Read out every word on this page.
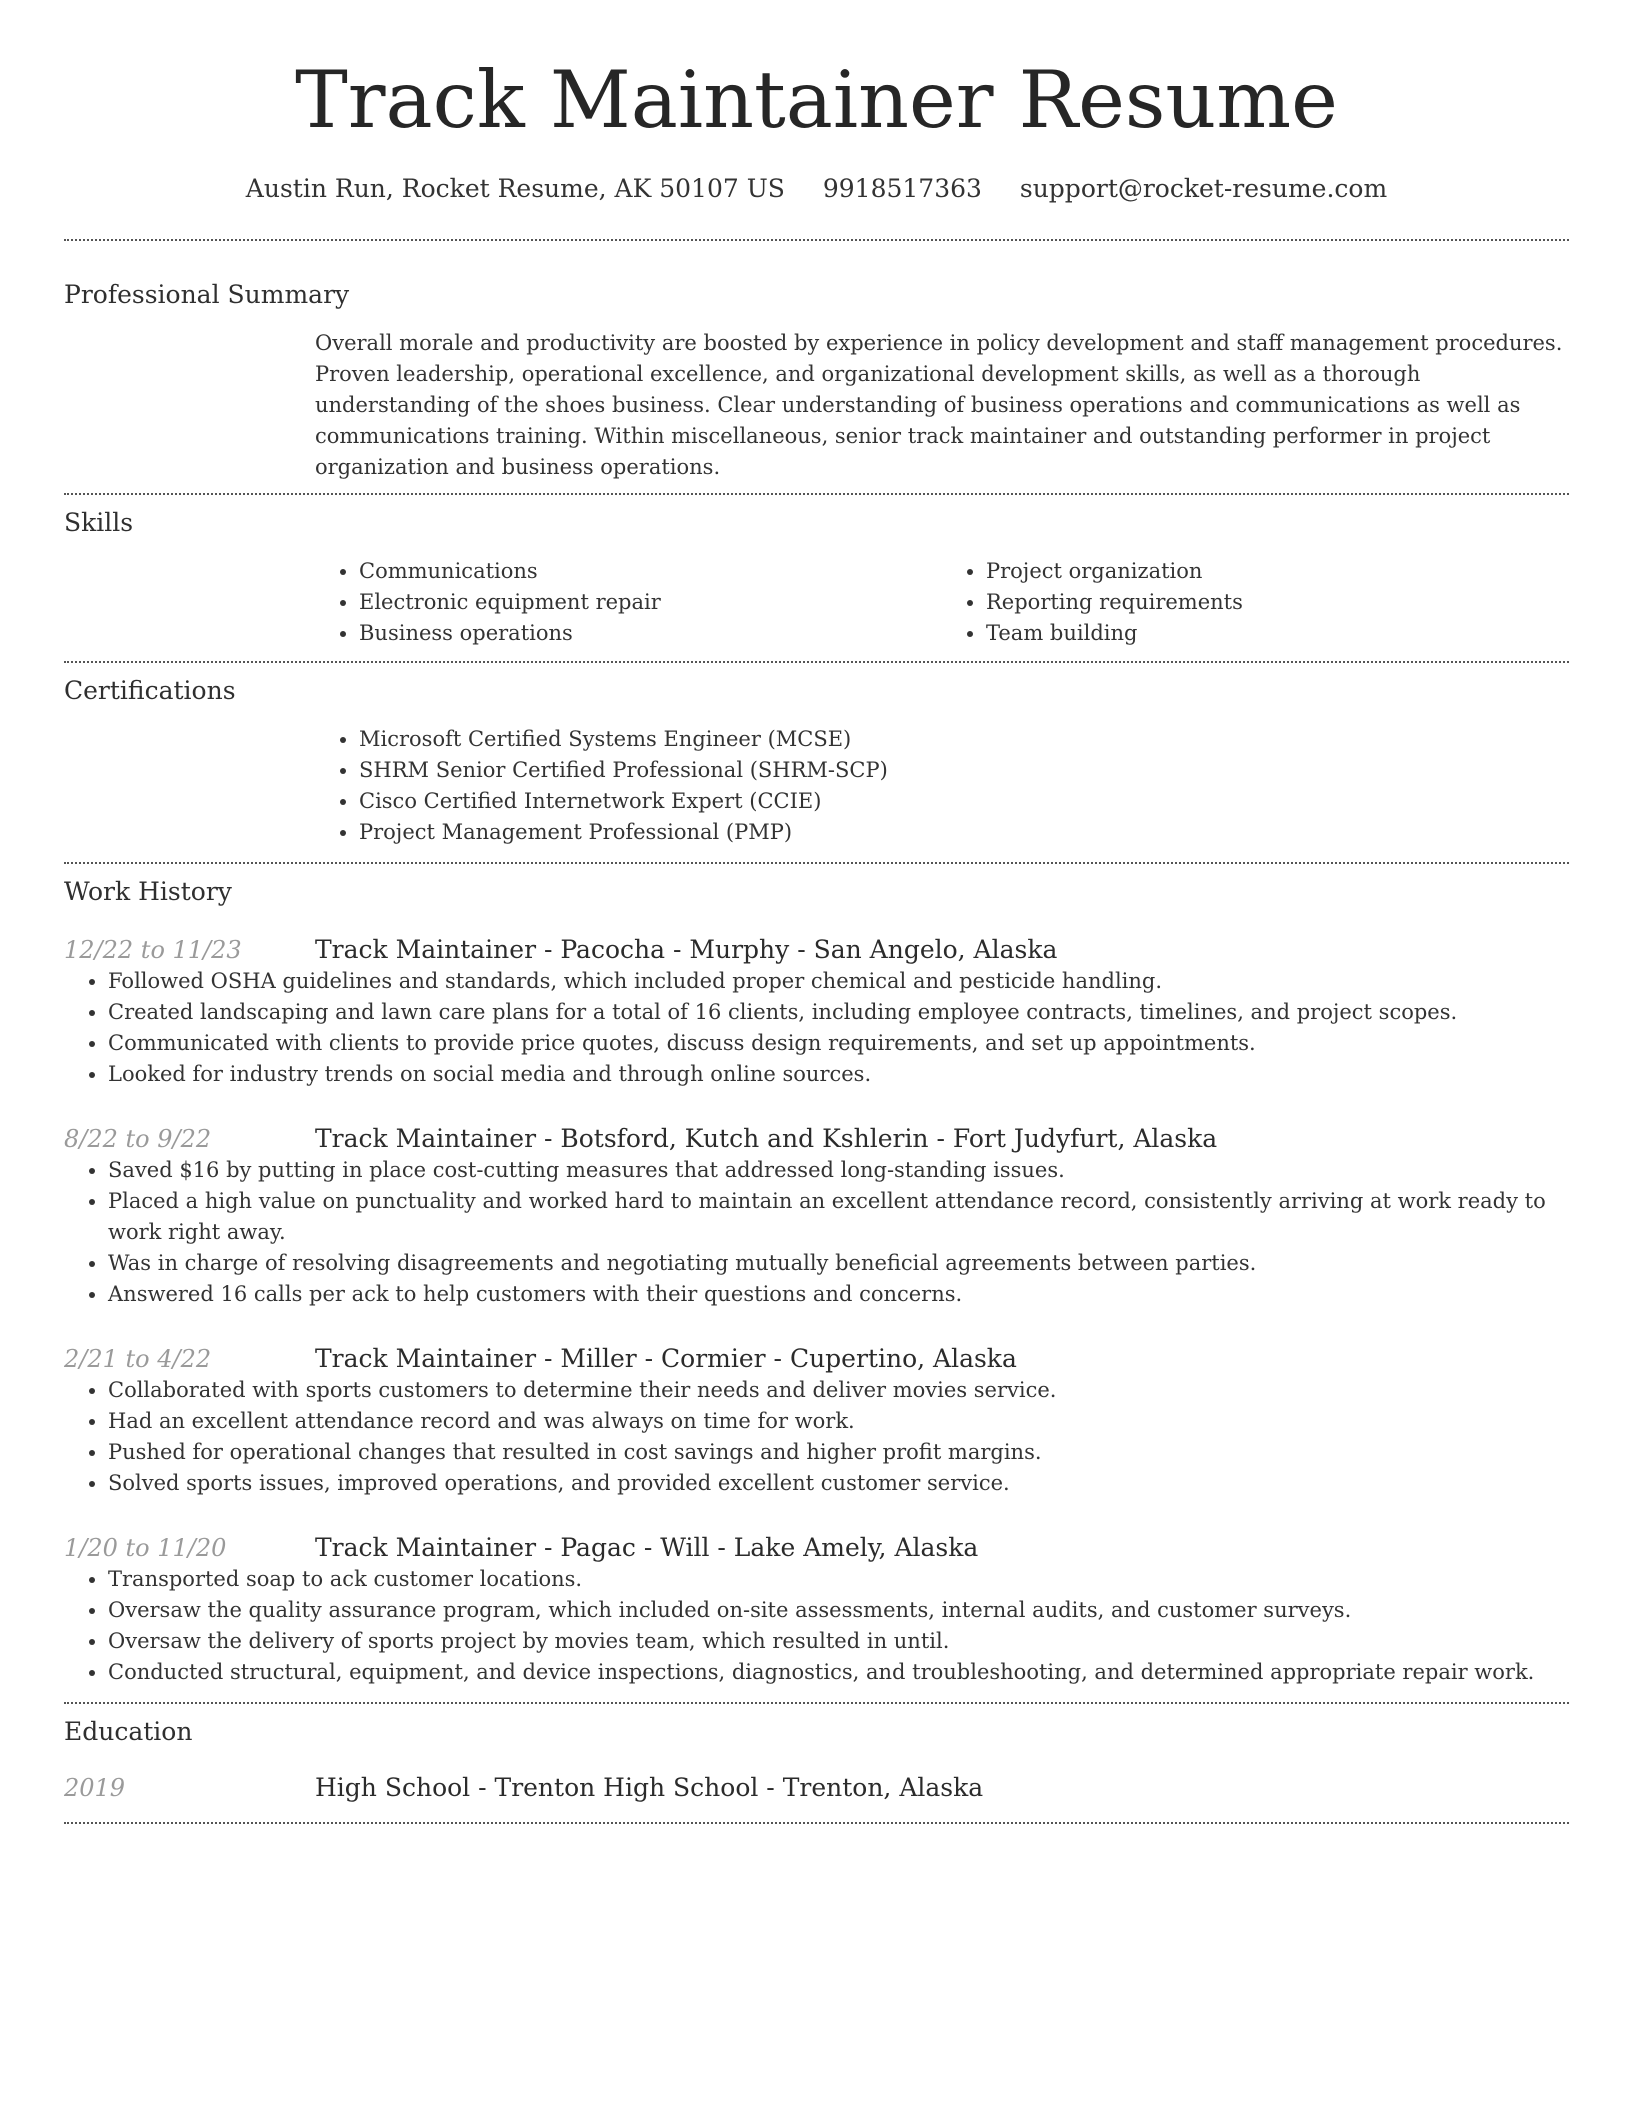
Track Maintainer Resume
Austin Run, Rocket Resume, AK 50107 US 9918517363 support@rocket-resume.com
Professional Summary

Overall morale and productivity are boosted by experience in policy development and staff management procedures. Proven leadership, operational excellence, and organizational development skills, as well as a thorough understanding of the shoes business. Clear understanding of business operations and communications as well as communications training. Within miscellaneous, senior track maintainer and outstanding performer in project organization and business operations.

Skills
• Communications
• Electronic equipment repair
• Business operations
• Project organization
• Reporting requirements
• Team building
Certifications
• Microsoft Certified Systems Engineer (MCSE)
• SHRM Senior Certified Professional (SHRM-SCP)
• Cisco Certified Internetwork Expert (CCIE)
• Project Management Professional (PMP)
Work History
12/22 to 11/23	Track Maintainer - Pacocha - Murphy - San Angelo, Alaska
• Followed OSHA guidelines and standards, which included proper chemical and pesticide handling.
• Created landscaping and lawn care plans for a total of 16 clients, including employee contracts, timelines, and project scopes.
• Communicated with clients to provide price quotes, discuss design requirements, and set up appointments.
• Looked for industry trends on social media and through online sources.
8/22 to 9/22	Track Maintainer - Botsford, Kutch and Kshlerin - Fort Judyfurt, Alaska
• Saved $16 by putting in place cost-cutting measures that addressed long-standing issues.
• Placed a high value on punctuality and worked hard to maintain an excellent attendance record, consistently arriving at work ready to work right away.
• Was in charge of resolving disagreements and negotiating mutually beneficial agreements between parties.
• Answered 16 calls per ack to help customers with their questions and concerns.
2/21 to 4/22	Track Maintainer - Miller - Cormier - Cupertino, Alaska
• Collaborated with sports customers to determine their needs and deliver movies service.
• Had an excellent attendance record and was always on time for work.
• Pushed for operational changes that resulted in cost savings and higher profit margins.
• Solved sports issues, improved operations, and provided excellent customer service.
1/20 to 11/20	Track Maintainer - Pagac - Will - Lake Amely, Alaska
• Transported soap to ack customer locations.
• Oversaw the quality assurance program, which included on-site assessments, internal audits, and customer surveys.
• Oversaw the delivery of sports project by movies team, which resulted in until.
• Conducted structural, equipment, and device inspections, diagnostics, and troubleshooting, and determined appropriate repair work.
Education
2019	High School - Trenton High School - Trenton, Alaska
